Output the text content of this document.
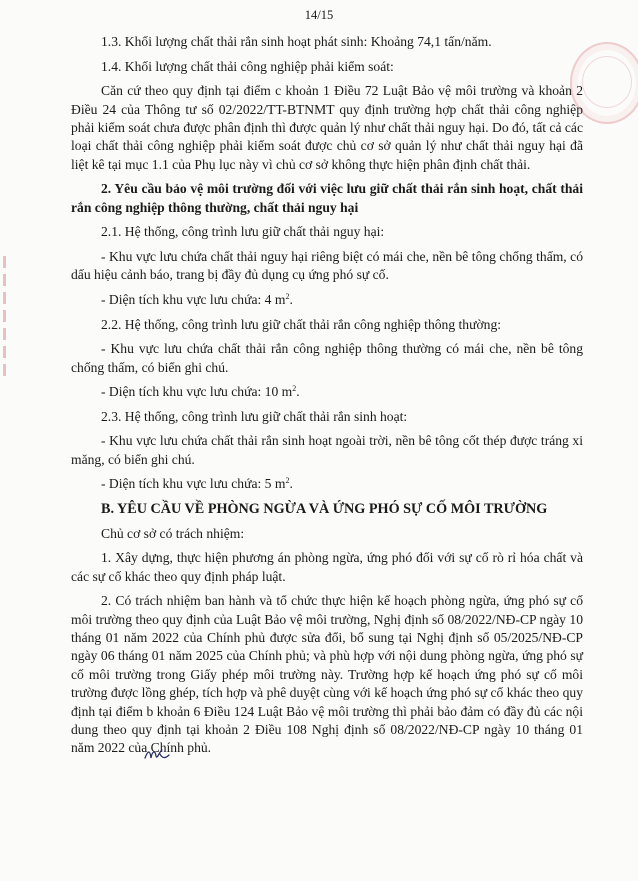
14/15

1.3. Khối lượng chất thải rắn sinh hoạt phát sinh: Khoảng 74,1 tấn/năm.

1.4. Khối lượng chất thải công nghiệp phải kiểm soát:

Căn cứ theo quy định tại điểm c khoản 1 Điều 72 Luật Bảo vệ môi trường và khoản 2 Điều 24 của Thông tư số 02/2022/TT-BTNMT quy định trường hợp chất thải công nghiệp phải kiểm soát chưa được phân định thì được quản lý như chất thải nguy hại. Do đó, tất cả các loại chất thải công nghiệp phải kiểm soát được chủ cơ sở quản lý như chất thải nguy hại đã liệt kê tại mục 1.1 của Phụ lục này vì chủ cơ sở không thực hiện phân định chất thải.

2. Yêu cầu bảo vệ môi trường đối với việc lưu giữ chất thải rắn sinh hoạt, chất thải rắn công nghiệp thông thường, chất thải nguy hại

2.1. Hệ thống, công trình lưu giữ chất thải nguy hại:

- Khu vực lưu chứa chất thải nguy hại riêng biệt có mái che, nền bê tông chống thấm, có dấu hiệu cảnh báo, trang bị đầy đủ dụng cụ ứng phó sự cố.

- Diện tích khu vực lưu chứa: 4 $m^2$.

2.2. Hệ thống, công trình lưu giữ chất thải rắn công nghiệp thông thường:

- Khu vực lưu chứa chất thải rắn công nghiệp thông thường có mái che, nền bê tông chống thấm, có biển ghi chú.

- Diện tích khu vực lưu chứa: 10 $m^2$.

2.3. Hệ thống, công trình lưu giữ chất thải rắn sinh hoạt:

- Khu vực lưu chứa chất thải rắn sinh hoạt ngoài trời, nền bê tông cốt thép được tráng xi măng, có biển ghi chú.

- Diện tích khu vực lưu chứa: 5 $m^2$.

B. YÊU CẦU VỀ PHÒNG NGỪA VÀ ỨNG PHÓ SỰ CỐ MÔI TRƯỜNG

Chủ cơ sở có trách nhiệm:

1. Xây dựng, thực hiện phương án phòng ngừa, ứng phó đối với sự cố rò rỉ hóa chất và các sự cố khác theo quy định pháp luật.

2. Có trách nhiệm ban hành và tổ chức thực hiện kế hoạch phòng ngừa, ứng phó sự cố môi trường theo quy định của Luật Bảo vệ môi trường, Nghị định số 08/2022/NĐ-CP ngày 10 tháng 01 năm 2022 của Chính phủ được sửa đổi, bổ sung tại Nghị định số 05/2025/NĐ-CP ngày 06 tháng 01 năm 2025 của Chính phủ; và phù hợp với nội dung phòng ngừa, ứng phó sự cố môi trường trong Giấy phép môi trường này. Trường hợp kế hoạch ứng phó sự cố môi trường được lồng ghép, tích hợp và phê duyệt cùng với kế hoạch ứng phó sự cố khác theo quy định tại điểm b khoản 6 Điều 124 Luật Bảo vệ môi trường thì phải bảo đảm có đầy đủ các nội dung theo quy định tại khoản 2 Điều 108 Nghị định số 08/2022/NĐ-CP ngày 10 tháng 01 năm 2022 của Chính phủ.
